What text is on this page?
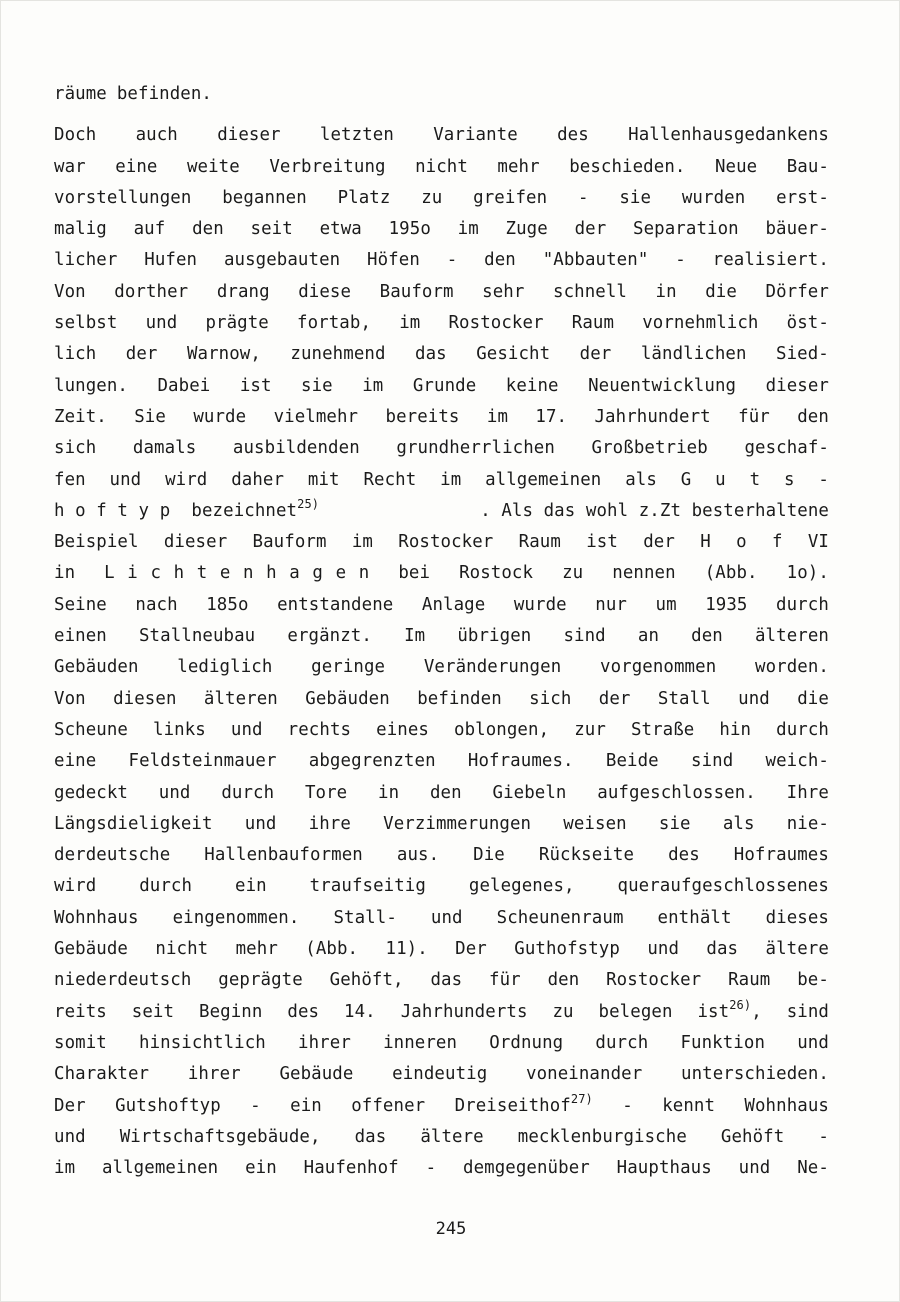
räume befinden.
Doch auch dieser letzten Variante des Hallenhausgedankens
war eine weite Verbreitung nicht mehr beschieden. Neue Bau-
vorstellungen begannen Platz zu greifen - sie wurden erst-
malig auf den seit etwa 195o im Zuge der Separation bäuer-
licher Hufen ausgebauten Höfen - den "Abbauten" - realisiert.
Von dorther drang diese Bauform sehr schnell in die Dörfer
selbst und prägte fortab, im Rostocker Raum vornehmlich öst-
lich der Warnow, zunehmend das Gesicht der ländlichen Sied-
lungen. Dabei ist sie im Grunde keine Neuentwicklung dieser
Zeit. Sie wurde vielmehr bereits im 17. Jahrhundert für den
sich damals ausbildenden grundherrlichen Großbetrieb geschaf-
fen und wird daher mit Recht im allgemeinen als G u t s -
h o f t y p  bezeichnet$^{25)}$	. Als das wohl z.Zt besterhaltene
Beispiel dieser Bauform im Rostocker Raum ist der H o f VI
in L i c h t e n h a g e n bei Rostock zu nennen (Abb. 1o).
Seine nach 185o entstandene Anlage wurde nur um 1935 durch
einen Stallneubau ergänzt. Im übrigen sind an den älteren
Gebäuden lediglich geringe Veränderungen vorgenommen worden.
Von diesen älteren Gebäuden befinden sich der Stall und die
Scheune links und rechts eines oblongen, zur Straße hin durch
eine Feldsteinmauer abgegrenzten Hofraumes. Beide sind weich-
gedeckt und durch Tore in den Giebeln aufgeschlossen. Ihre
Längsdieligkeit und ihre Verzimmerungen weisen sie als nie-
derdeutsche Hallenbauformen aus. Die Rückseite des Hofraumes
wird durch ein traufseitig gelegenes, queraufgeschlossenes
Wohnhaus eingenommen. Stall- und Scheunenraum enthält dieses
Gebäude nicht mehr (Abb. 11). Der Guthofstyp und das ältere
niederdeutsch geprägte Gehöft, das für den Rostocker Raum be-
reits seit Beginn des 14. Jahrhunderts zu belegen ist$^{26)}$, sind
somit hinsichtlich ihrer inneren Ordnung durch Funktion und
Charakter ihrer Gebäude eindeutig voneinander unterschieden.
Der Gutshoftyp - ein offener Dreiseithof$^{27)}$ - kennt Wohnhaus
und Wirtschaftsgebäude, das ältere mecklenburgische Gehöft -
im allgemeinen ein Haufenhof - demgegenüber Haupthaus und Ne-
245
